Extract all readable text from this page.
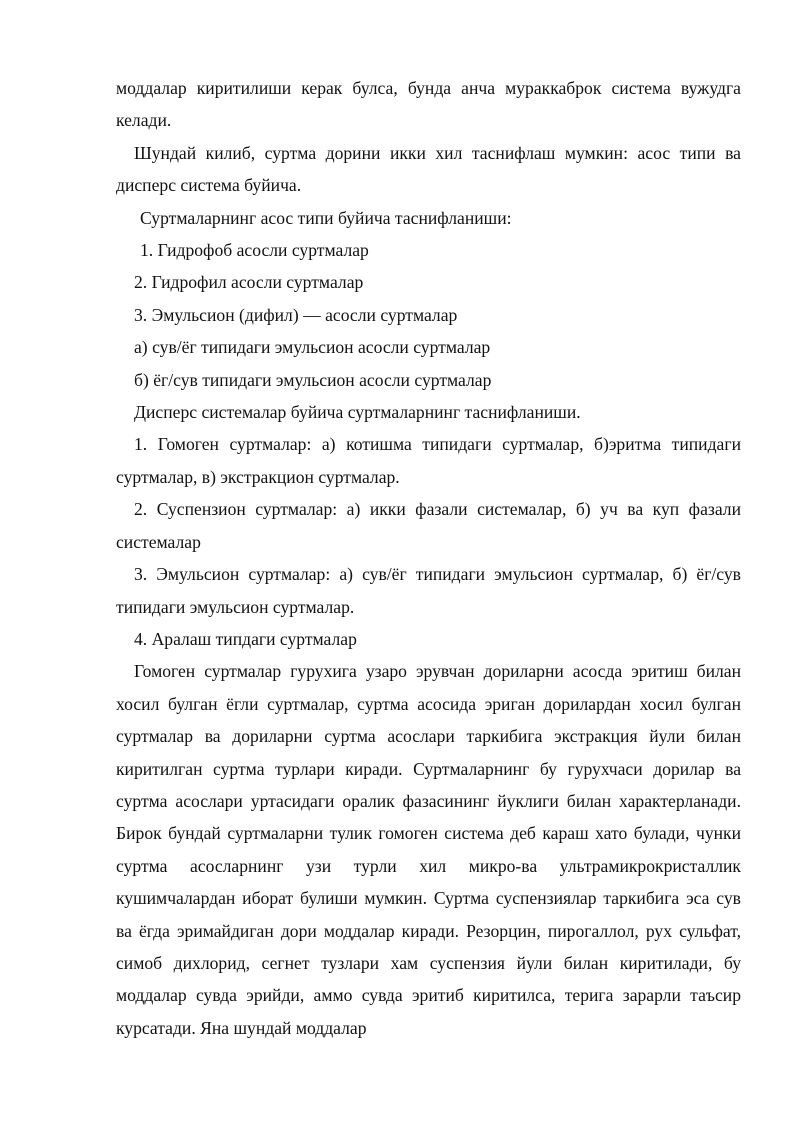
моддалар киритилиши керак булса, бунда анча мураккаброк система вужудга келади.

Шундай килиб, суртма дорини икки хил таснифлаш мумкин: асос типи ва дисперс система буйича.

Суртмаларнинг асос типи буйича таснифланиши:

1. Гидрофоб асосли суртмалар

2. Гидрофил асосли суртмалар

3. Эмульсион (дифил) — асосли суртмалар

а) сув/ёг типидаги эмульсион асосли суртмалар

б) ёг/сув типидаги эмульсион асосли суртмалар

Дисперс системалар буйича суртмаларнинг таснифланиши.

1. Гомоген суртмалар: а) котишма типидаги суртмалар, б)эритма типидаги суртмалар, в) экстракцион суртмалар.

2. Суспензион суртмалар: а) икки фазали системалар, б) уч ва куп фазали системалар

3. Эмульсион суртмалар: а) сув/ёг типидаги эмульсион суртмалар, б) ёг/сув типидаги эмульсион суртмалар.

4. Аралаш типдаги суртмалар

Гомоген суртмалар гурухига узаро эрувчан дориларни асосда эритиш билан хосил булган ёгли суртмалар, суртма асосида эриган дорилардан хосил булган суртмалар ва дориларни суртма асослари таркибига экстракция йули билан киритилган суртма турлари киради. Суртмаларнинг бу гурухчаси дорилар ва суртма асослари уртасидаги оралик фазасининг йуклиги билан характерланади. Бирок бундай суртмаларни тулик гомоген система деб караш хато булади, чунки суртма асосларнинг узи турли хил микро-ва ультрамикрокристаллик кушимчалардан иборат булиши мумкин. Суртма суспензиялар таркибига эса сув ва ёгда эримайдиган дори моддалар киради. Резорцин, пирогаллол, рух сульфат, симоб дихлорид, сегнет тузлари хам суспензия йули билан киритилади, бу моддалар сувда эрийди, аммо сувда эритиб киритилса, терига зарарли таъсир курсатади. Яна шундай моддалар
